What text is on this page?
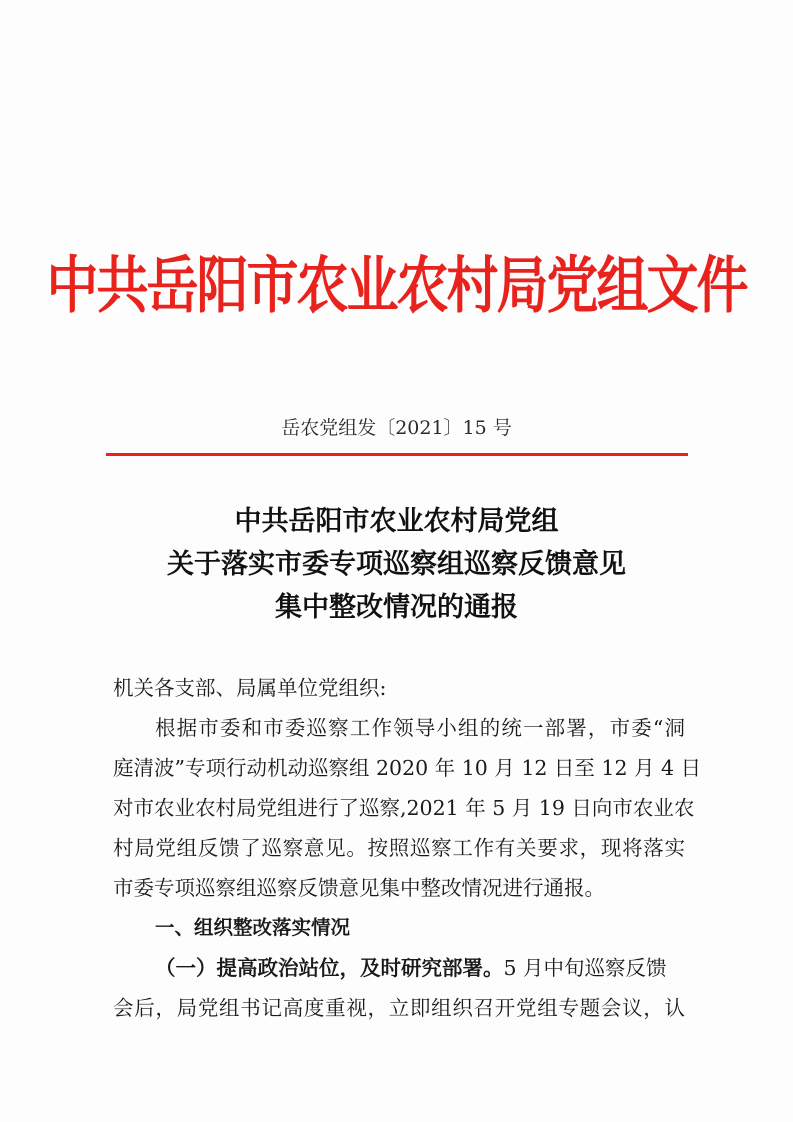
中共岳阳市农业农村局党组文件
岳农党组发〔2021〕15 号
中共岳阳市农业农村局党组
关于落实市委专项巡察组巡察反馈意见
集中整改情况的通报
机关各支部、局属单位党组织:
根据市委和市委巡察工作领导小组的统一部署，市委“洞
庭清波”专项行动机动巡察组 2020 年 10 月 12 日至 12 月 4 日
对市农业农村局党组进行了巡察,2021 年 5 月 19 日向市农业农
村局党组反馈了巡察意见。按照巡察工作有关要求，现将落实
市委专项巡察组巡察反馈意见集中整改情况进行通报。
一、组织整改落实情况
（一）提高政治站位，及时研究部署。5 月中旬巡察反馈
会后，局党组书记高度重视，立即组织召开党组专题会议，认
